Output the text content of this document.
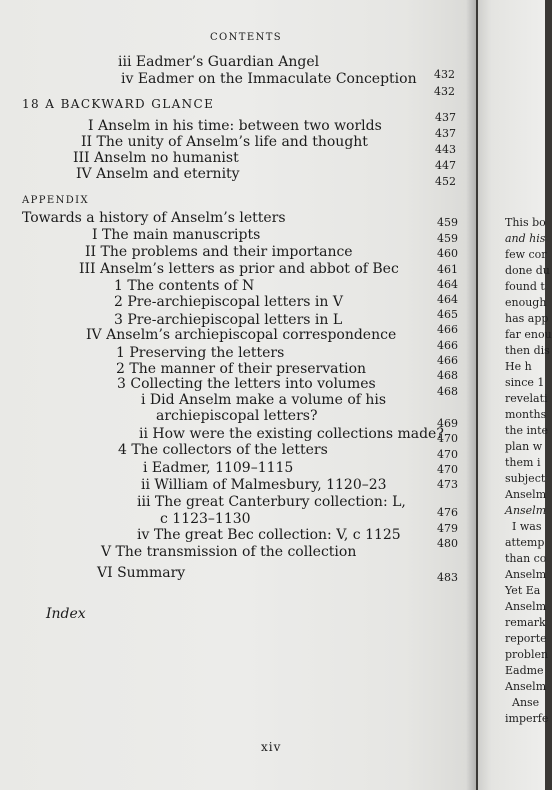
CONTENTS
iii Eadmer’s Guardian Angel
iv Eadmer on the Immaculate Conception 432
432
18 A BACKWARD GLANCE
I Anselm in his time: between two worlds
II The unity of Anselm’s life and thought
III Anselm no humanist
IV Anselm and eternity
437
437
443
447
452
APPENDIX
Towards a history of Anselm’s letters
I The main manuscripts
II The problems and their importance
III Anselm’s letters as prior and abbot of Bec
1 The contents of N
2 Pre-archiepiscopal letters in V
3 Pre-archiepiscopal letters in L
IV Anselm’s archiepiscopal correspondence
1 Preserving the letters
2 The manner of their preservation
3 Collecting the letters into volumes
i Did Anselm make a volume of his
archiepiscopal letters?
ii How were the existing collections made?
4 The collectors of the letters
i Eadmer, 1109–1115
ii William of Malmesbury, 1120–23
iii The great Canterbury collection: L,
c 1123–1130
iv The great Bec collection: V, c 1125
V The transmission of the collection
VI Summary
459
459
460
461
464
464
465
466
466
466
468
468
469
470
470
470
473
476
479
480
483
Index
xiv
This bo
and his
few cor
done du
found t
enough
has app
far enou
then dis
He h
since 1
revelati
months
the inte
plan w
them i
subject
Anselm
Anselm
I was
attemp
than co
Anselm
Yet Ea
Anselm
remark
reporte
problen
Eadme
Anselm
Anse
imperfe
